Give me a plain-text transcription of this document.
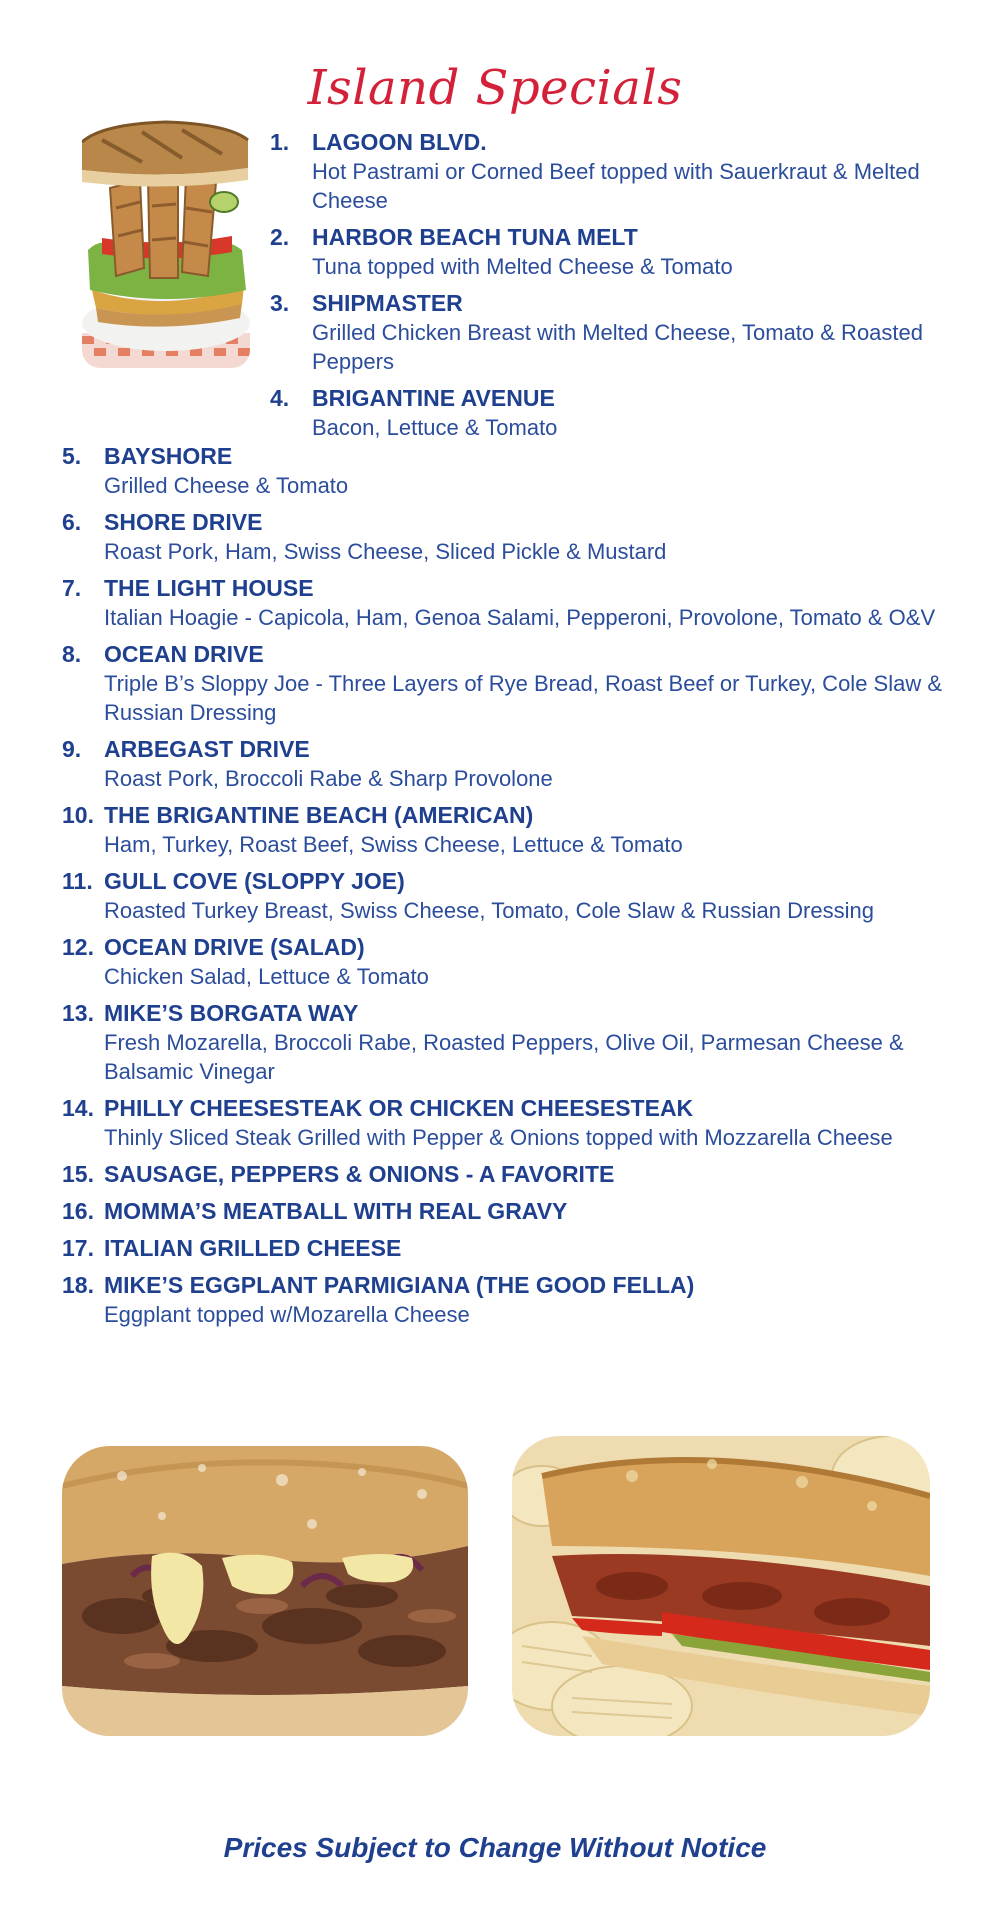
Island Specials
1. LAGOON BLVD.
Hot Pastrami or Corned Beef topped with Sauerkraut & Melted Cheese
2. HARBOR BEACH TUNA MELT
Tuna topped with Melted Cheese & Tomato
3. SHIPMASTER
Grilled Chicken Breast with Melted Cheese, Tomato & Roasted Peppers
4. BRIGANTINE AVENUE
Bacon, Lettuce & Tomato
5. BAYSHORE
Grilled Cheese & Tomato
6. SHORE DRIVE
Roast Pork, Ham, Swiss Cheese, Sliced Pickle & Mustard
7. THE LIGHT HOUSE
Italian Hoagie - Capicola, Ham, Genoa Salami, Pepperoni, Provolone, Tomato & O&V
8. OCEAN DRIVE
Triple B’s Sloppy Joe - Three Layers of Rye Bread, Roast Beef or Turkey, Cole Slaw & Russian Dressing
9. ARBEGAST DRIVE
Roast Pork, Broccoli Rabe & Sharp Provolone
10. THE BRIGANTINE BEACH (AMERICAN)
Ham, Turkey, Roast Beef, Swiss Cheese, Lettuce & Tomato
11. GULL COVE (SLOPPY JOE)
Roasted Turkey Breast, Swiss Cheese, Tomato, Cole Slaw & Russian Dressing
12. OCEAN DRIVE (SALAD)
Chicken Salad, Lettuce & Tomato
13. MIKE’S BORGATA WAY
Fresh Mozarella, Broccoli Rabe, Roasted Peppers, Olive Oil, Parmesan Cheese & Balsamic Vinegar
14. PHILLY CHEESESTEAK OR CHICKEN CHEESESTEAK
Thinly Sliced Steak Grilled with Pepper & Onions topped with Mozzarella Cheese
15. SAUSAGE, PEPPERS & ONIONS - A FAVORITE
16. MOMMA’S MEATBALL WITH REAL GRAVY
17. ITALIAN GRILLED CHEESE
18. MIKE’S EGGPLANT PARMIGIANA (THE GOOD FELLA)
Eggplant topped w/Mozarella Cheese
Prices Subject to Change Without Notice
